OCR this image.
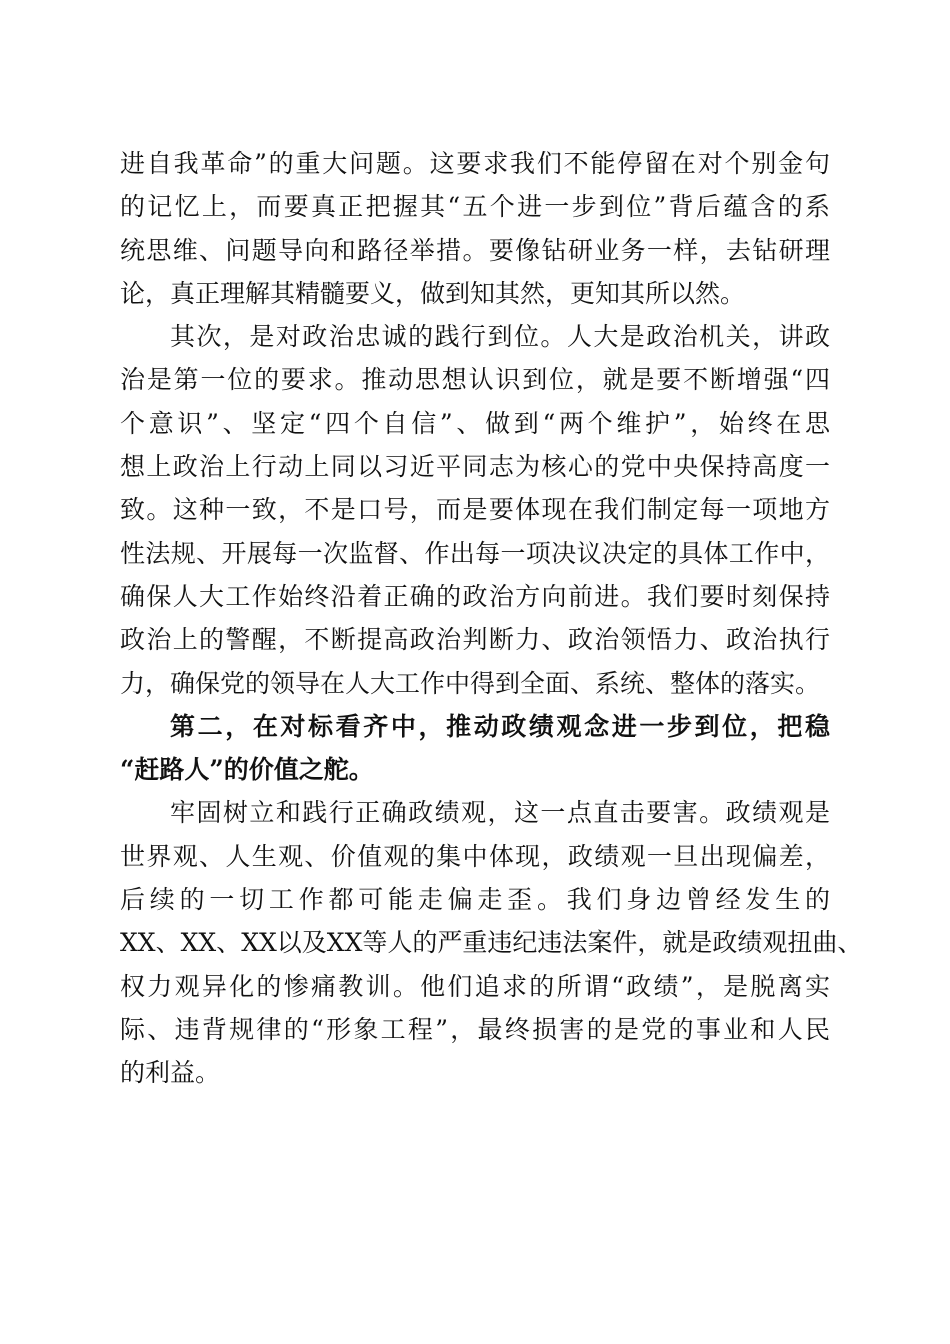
进自我革命”的重大问题。这要求我们不能停留在对个别金句
的记忆上，而要真正把握其“五个进一步到位”背后蕴含的系
统思维、问题导向和路径举措。要像钻研业务一样，去钻研理
论，真正理解其精髓要义，做到知其然，更知其所以然。
其次，是对政治忠诚的践行到位。人大是政治机关，讲政
治是第一位的要求。推动思想认识到位，就是要不断增强“四
个意识”、坚定“四个自信”、做到“两个维护”，始终在思
想上政治上行动上同以习近平同志为核心的党中央保持高度一
致。这种一致，不是口号，而是要体现在我们制定每一项地方
性法规、开展每一次监督、作出每一项决议决定的具体工作中，
确保人大工作始终沿着正确的政治方向前进。我们要时刻保持
政治上的警醒，不断提高政治判断力、政治领悟力、政治执行
力，确保党的领导在人大工作中得到全面、系统、整体的落实。
第二，在对标看齐中，推动政绩观念进一步到位，把稳
“赶路人”的价值之舵。
牢固树立和践行正确政绩观，这一点直击要害。政绩观是
世界观、人生观、价值观的集中体现，政绩观一旦出现偏差，
后续的一切工作都可能走偏走歪。我们身边曾经发生的
XX、XX、XX以及XX等人的严重违纪违法案件，就是政绩观扭曲、
权力观异化的惨痛教训。他们追求的所谓“政绩”，是脱离实
际、违背规律的“形象工程”，最终损害的是党的事业和人民
的利益。
